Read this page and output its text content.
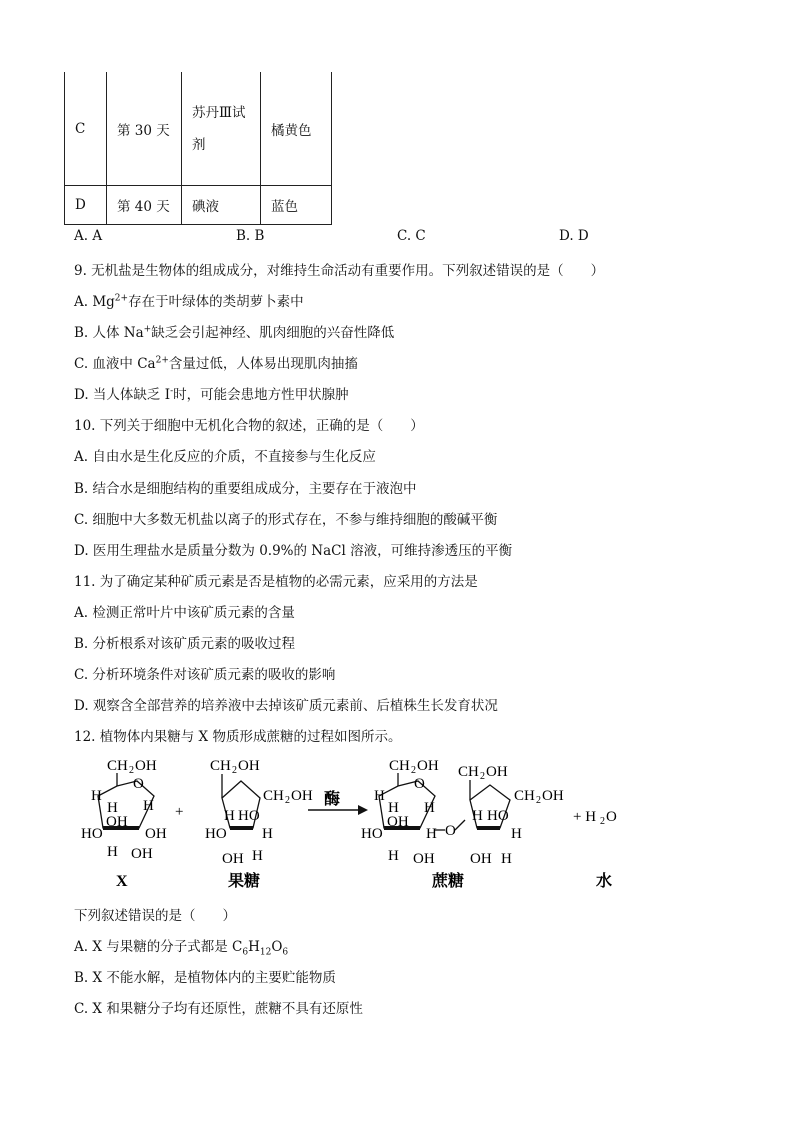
C	第 30 天	苏丹Ⅲ试剂	橘黄色
D	第 40 天	碘液	蓝色
A. A	B. B	C. C	D. D
9. 无机盐是生物体的组成成分，对维持生命活动有重要作用。下列叙述错误的是（　　）
A. $Mg^{2+}$存在于叶绿体的类胡萝卜素中
B. 人体 Na+缺乏会引起神经、肌肉细胞的兴奋性降低
C. 血液中 $Ca^{2+}$含量过低，人体易出现肌肉抽搐
D. 当人体缺乏 I-时，可能会患地方性甲状腺肿
10. 下列关于细胞中无机化合物的叙述，正确的是（　　）
A. 自由水是生化反应的介质，不直接参与生化反应
B. 结合水是细胞结构的重要组成成分，主要存在于液泡中
C. 细胞中大多数无机盐以离子的形式存在，不参与维持细胞的酸碱平衡
D. 医用生理盐水是质量分数为 0.9%的 NaCl 溶液，可维持渗透压的平衡
11. 为了确定某种矿质元素是否是植物的必需元素，应采用的方法是
A. 检测正常叶片中该矿质元素的含量
B. 分析根系对该矿质元素的吸收过程
C. 分析环境条件对该矿质元素的吸收的影响
D. 观察含全部营养的培养液中去掉该矿质元素前、后植株生长发育状况
12. 植物体内果糖与 X 物质形成蔗糖的过程如图所示。
CH 2 OH
O
H
H
OH
H
HO	OH
H OH
X
+
CH 2 OH
CH 2 OH
H HO
HO H
OH H
果糖
酶
CH 2 OH
O
H
H
OH
H
HO	H
H OH
O
CH 2 OH
CH 2 OH
H HO
H
OH H
蔗糖
+ H 2 O
水
下列叙述错误的是（　　）
A. X 与果糖的分子式都是 $C_6H_{12}O_6$
B. X 不能水解，是植物体内的主要贮能物质
C. X 和果糖分子均有还原性，蔗糖不具有还原性
